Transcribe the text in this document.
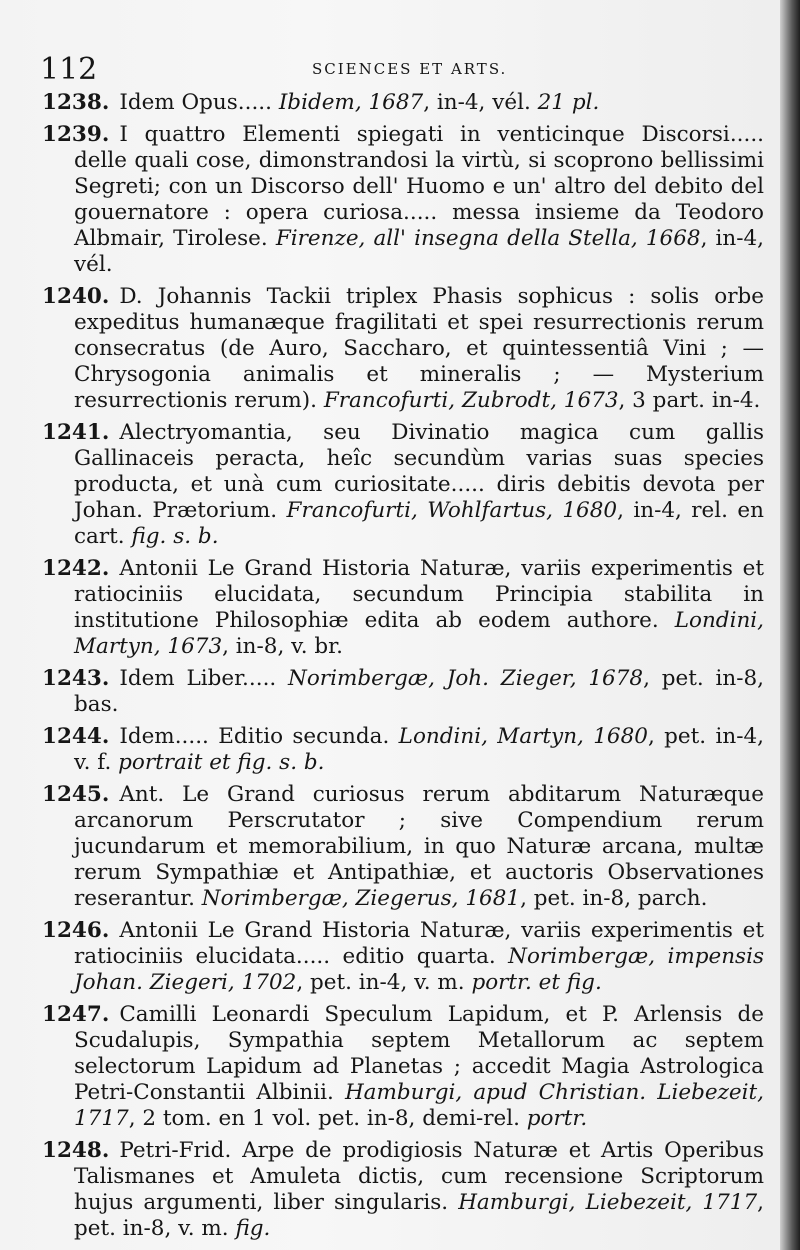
112	SCIENCES ET ARTS.

1238. Idem Opus..... Ibidem, 1687, in-4, vél. 21 pl.

1239. I quattro Elementi spiegati in venticinque Discorsi..... delle quali cose, dimonstrandosi la virtù, si scoprono bellissimi Segreti; con un Discorso dell' Huomo e un' altro del debito del gouernatore : opera curiosa..... messa insieme da Teodoro Albmair, Tirolese. Firenze, all' insegna della Stella, 1668, in-4, vél.

1240. D. Johannis Tackii triplex Phasis sophicus : solis orbe expeditus humanæque fragilitati et spei resurrectionis rerum consecratus (de Auro, Saccharo, et quintessentiâ Vini ; — Chrysogonia animalis et mineralis ; — Mysterium resurrectionis rerum). Francofurti, Zubrodt, 1673, 3 part. in-4.

1241. Alectryomantia, seu Divinatio magica cum gallis Gallinaceis peracta, heîc secundùm varias suas species producta, et unà cum curiositate..... diris debitis devota per Johan. Prætorium. Francofurti, Wohlfartus, 1680, in-4, rel. en cart. fig. s. b.

1242. Antonii Le Grand Historia Naturæ, variis experimentis et ratiociniis elucidata, secundum Principia stabilita in institutione Philosophiæ edita ab eodem authore. Londini, Martyn, 1673, in-8, v. br.

1243. Idem Liber..... Norimbergæ, Joh. Zieger, 1678, pet. in-8, bas.

1244. Idem..... Editio secunda. Londini, Martyn, 1680, pet. in-4, v. f. portrait et fig. s. b.

1245. Ant. Le Grand curiosus rerum abditarum Naturæque arcanorum Perscrutator ; sive Compendium rerum jucundarum et memorabilium, in quo Naturæ arcana, multæ rerum Sympathiæ et Antipathiæ, et auctoris Observationes reserantur. Norimbergæ, Ziegerus, 1681, pet. in-8, parch.

1246. Antonii Le Grand Historia Naturæ, variis experimentis et ratiociniis elucidata..... editio quarta. Norimbergæ, impensis Johan. Ziegeri, 1702, pet. in-4, v. m. portr. et fig.

1247. Camilli Leonardi Speculum Lapidum, et P. Arlensis de Scudalupis, Sympathia septem Metallorum ac septem selectorum Lapidum ad Planetas ; accedit Magia Astrologica Petri-Constantii Albinii. Hamburgi, apud Christian. Liebezeit, 1717, 2 tom. en 1 vol. pet. in-8, demi-rel. portr.

1248. Petri-Frid. Arpe de prodigiosis Naturæ et Artis Operibus Talismanes et Amuleta dictis, cum recensione Scriptorum hujus argumenti, liber singularis. Hamburgi, Liebezeit, 1717, pet. in-8, v. m. fig.
